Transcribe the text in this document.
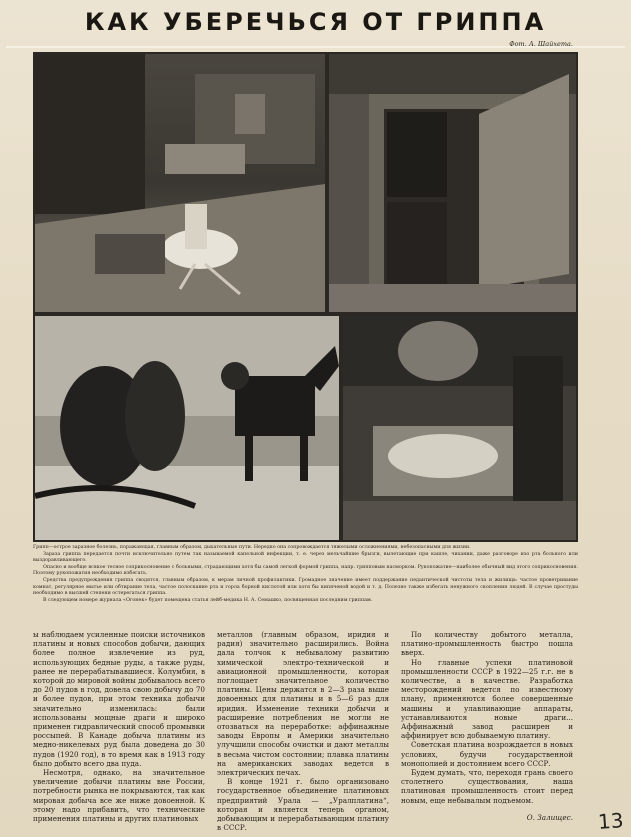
КАК УБЕРЕЧЬСЯ ОТ ГРИППА
Фот. А. Шайхета.

Грипп—острое заразное болезнь, поражающая, главным образом, дыхательные пути. Нередко она сопровождается тяжелыми осложнениями, небезопасными для жизни.

Зараза гриппа передается почти исключительно путем так называемой капельной инфекции, т. е. через мельчайшие брызги, вылетающие при кашле, чихании, даже разговоре изо рта больного или выздоравливающего.

Опасно и вообще всякое тесное соприкосновение с больными, страдающими хотя бы самой легкой формой гриппа, напр. грипповым насморком. Рукопожатие—наиболее обычный вид этого соприкосновения. Поэтому рукопожатия необходимо избегать.

Средства предупреждения гриппа сводятся, главным образом, к мерам личной профилактики. Громадное значение имеет поддержание педантической чистоты тела и жилища: частое проветривание комнат, регулярное мытье или обтирание тела, частое полоскание рта и горла борной кислотой или хотя бы кипяченой водой и т. д. Полезно также избегать ненужного скопления людей. В случае простуды необходимо в высшей степени остерегаться гриппа.

В следующем номере журнала «Огонек» будет помещена статья лейб-медика Н. А. Семашко, посвященная последним гриппам.

ы наблюдаем усиленные поиски источников платины и новых способов добычи, дающих более полное извлечение из руд, использующих бедные руды, а также руды, ранее не перерабатывавшиеся. Колумбия, в которой до мировой войны добывалось всего до 20 пудов в год, довела свою добычу до 70 и более пудов, при этом техника добычи значительно изменилась: были использованы мощные драги и широко применен гидравлический способ промывки россыпей. В Канаде добыча платины из медно-никелевых руд была доведена до 30 пудов (1920 год), в то время как в 1913 году было добыто всего два пуда.

Несмотря, однако, на значительное увеличение добычи платины вне России, потребности рынка не покрываются, так как мировая добыча все же ниже довоенной. К этому надо прибавить, что технические применения платины и других платиновых

металлов (главным образом, иридия и радия) значительно расширились. Война дала толчок к небывалому развитию химической электро-технической и авиационной промышленности, которая поглощает значительное количество платины. Цены держатся в 2—3 раза выше довоенных для платины и в 5—6 раз для иридия. Изменение техники добычи и расширение потребления не могли не отозваться на переработке: аффинажные заводы Европы и Америки значительно улучшили способы очистки и дают металлы в весьма чистом состоянии; плавка платины на американских заводах ведется в электрических печах.

В конце 1921 г. было организовано государственное объединение платиновых предприятий Урала — „Уралплатина“, которая и является теперь органом, добывающим и перерабатывающим платину в СССР.

По количеству добытого металла, платино-промышленность быстро пошла вверх.

Но главные успехи платиновой промышленности СССР в 1922—25 г.г. не в количестве, а в качестве. Разработка месторождений ведется по известному плану, применяются более совершенные машины и улавливающие аппараты, устанавливаются новые драги... Аффинажный завод расширен и аффинирует всю добываемую платину.

Советская платина возрождается в новых условиях, будучи государственной монополией и достоянием всего СССР.

Будем думать, что, переходя грань своего столетнего существования, наша платиновая промышленность стоит перед новым, еще небывалым подъемом.

О. Залищес. 13
